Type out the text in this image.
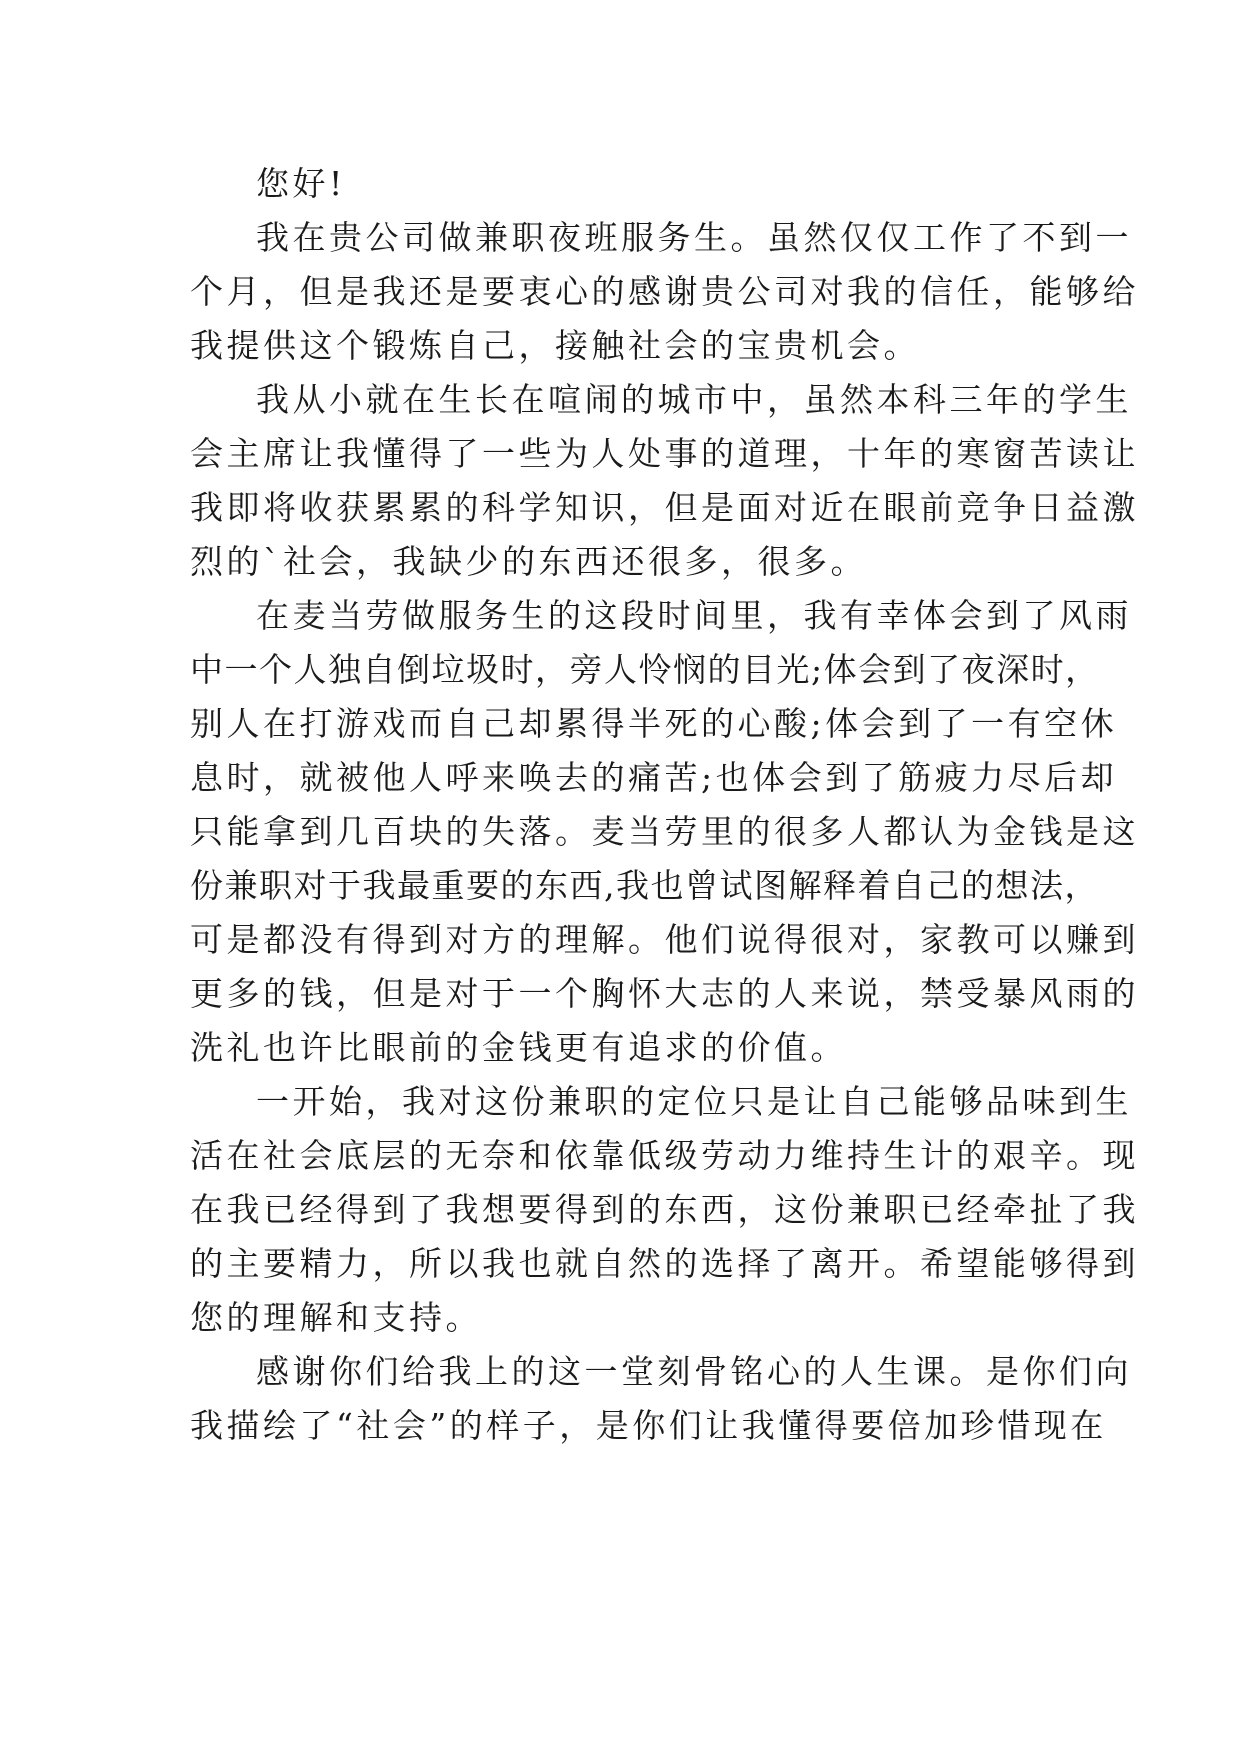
您好!
我在贵公司做兼职夜班服务生。虽然仅仅工作了不到一
个月，但是我还是要衷心的感谢贵公司对我的信任，能够给
我提供这个锻炼自己，接触社会的宝贵机会。
我从小就在生长在喧闹的城市中，虽然本科三年的学生
会主席让我懂得了一些为人处事的道理，十年的寒窗苦读让
我即将收获累累的科学知识，但是面对近在眼前竞争日益激
烈的`社会，我缺少的东西还很多，很多。
在麦当劳做服务生的这段时间里，我有幸体会到了风雨
中一个人独自倒垃圾时，旁人怜悯的目光;体会到了夜深时，
别人在打游戏而自己却累得半死的心酸;体会到了一有空休
息时，就被他人呼来唤去的痛苦;也体会到了筋疲力尽后却
只能拿到几百块的失落。麦当劳里的很多人都认为金钱是这
份兼职对于我最重要的东西,我也曾试图解释着自己的想法，
可是都没有得到对方的理解。他们说得很对，家教可以赚到
更多的钱，但是对于一个胸怀大志的人来说，禁受暴风雨的
洗礼也许比眼前的金钱更有追求的价值。
一开始，我对这份兼职的定位只是让自己能够品味到生
活在社会底层的无奈和依靠低级劳动力维持生计的艰辛。现
在我已经得到了我想要得到的东西，这份兼职已经牵扯了我
的主要精力，所以我也就自然的选择了离开。希望能够得到
您的理解和支持。
感谢你们给我上的这一堂刻骨铭心的人生课。是你们向
我描绘了“社会”的样子，是你们让我懂得要倍加珍惜现在
